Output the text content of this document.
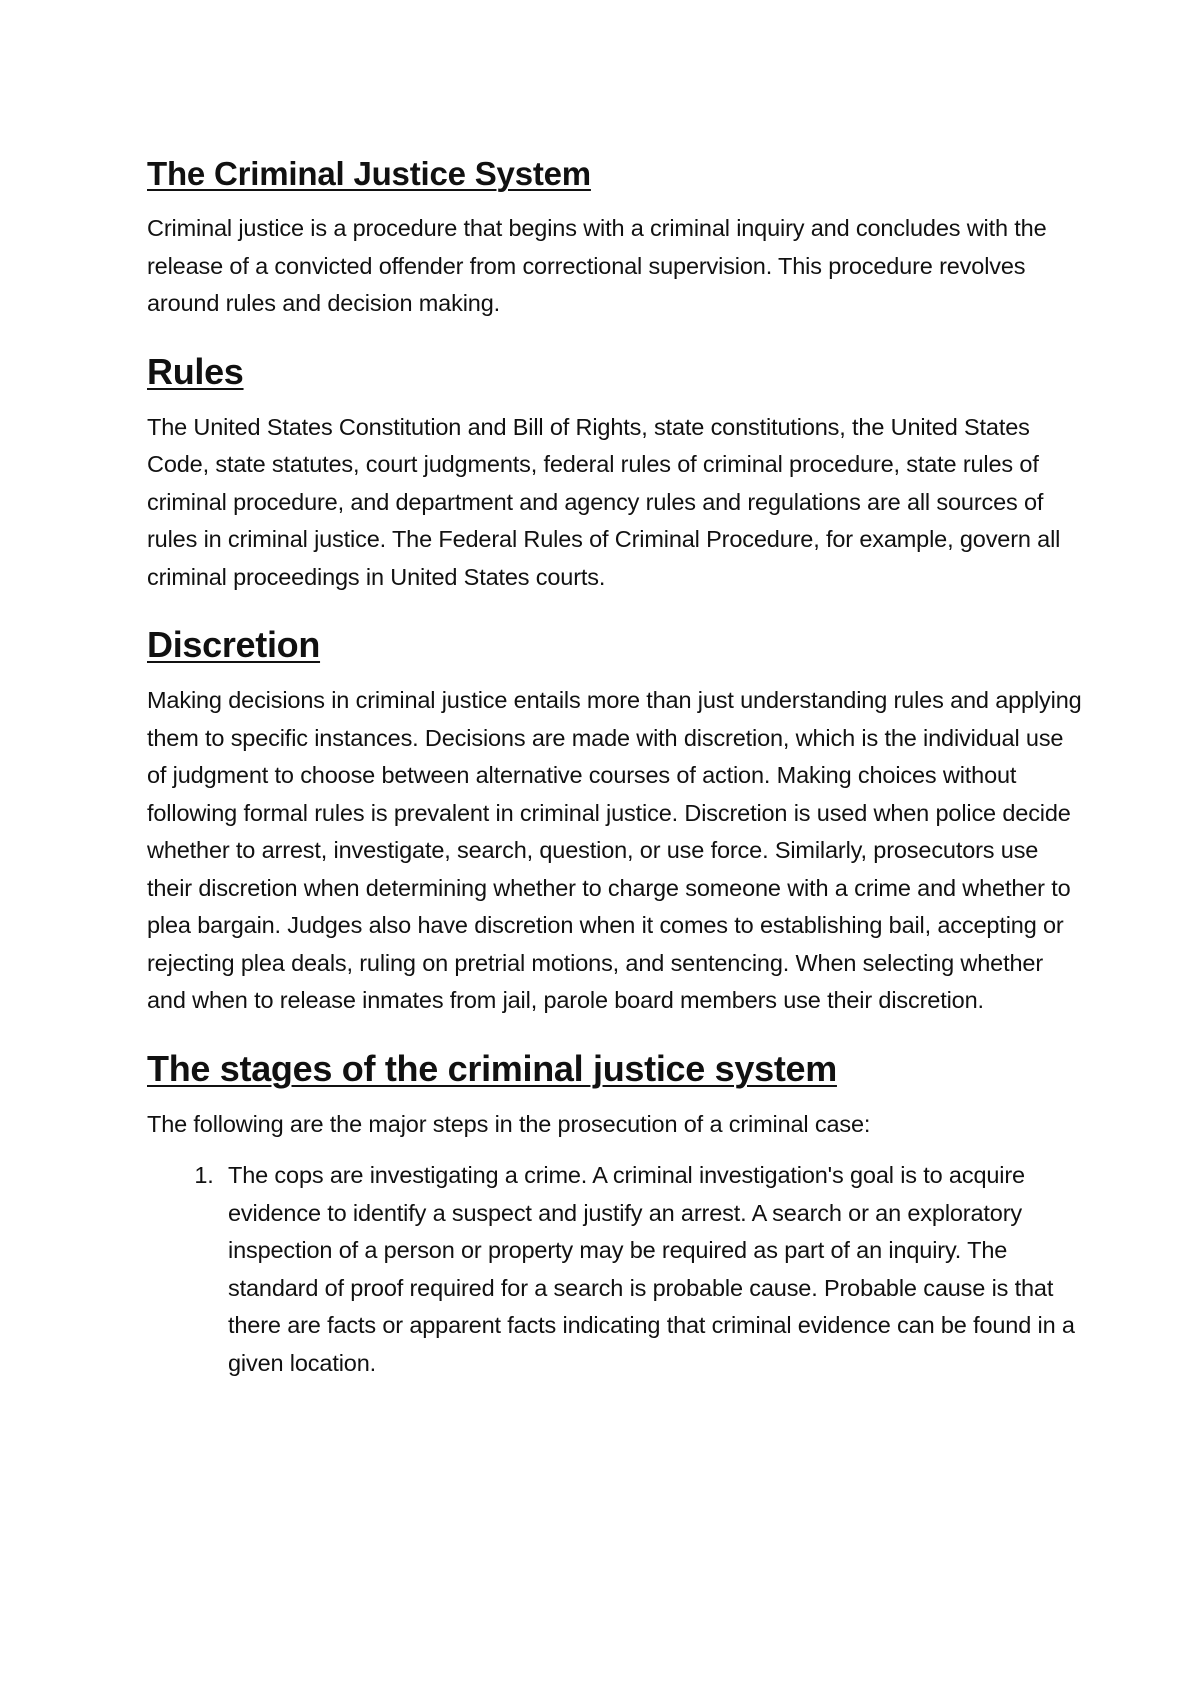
The Criminal Justice System

Criminal justice is a procedure that begins with a criminal inquiry and concludes with the release of a convicted offender from correctional supervision. This procedure revolves around rules and decision making.

Rules

The United States Constitution and Bill of Rights, state constitutions, the United States Code, state statutes, court judgments, federal rules of criminal procedure, state rules of criminal procedure, and department and agency rules and regulations are all sources of rules in criminal justice. The Federal Rules of Criminal Procedure, for example, govern all criminal proceedings in United States courts.

Discretion

Making decisions in criminal justice entails more than just understanding rules and applying them to specific instances. Decisions are made with discretion, which is the individual use of judgment to choose between alternative courses of action. Making choices without following formal rules is prevalent in criminal justice. Discretion is used when police decide whether to arrest, investigate, search, question, or use force. Similarly, prosecutors use their discretion when determining whether to charge someone with a crime and whether to plea bargain. Judges also have discretion when it comes to establishing bail, accepting or rejecting plea deals, ruling on pretrial motions, and sentencing. When selecting whether and when to release inmates from jail, parole board members use their discretion.

The stages of the criminal justice system

The following are the major steps in the prosecution of a criminal case:

1. The cops are investigating a crime. A criminal investigation's goal is to acquire evidence to identify a suspect and justify an arrest. A search or an exploratory inspection of a person or property may be required as part of an inquiry. The standard of proof required for a search is probable cause. Probable cause is that there are facts or apparent facts indicating that criminal evidence can be found in a given location.
